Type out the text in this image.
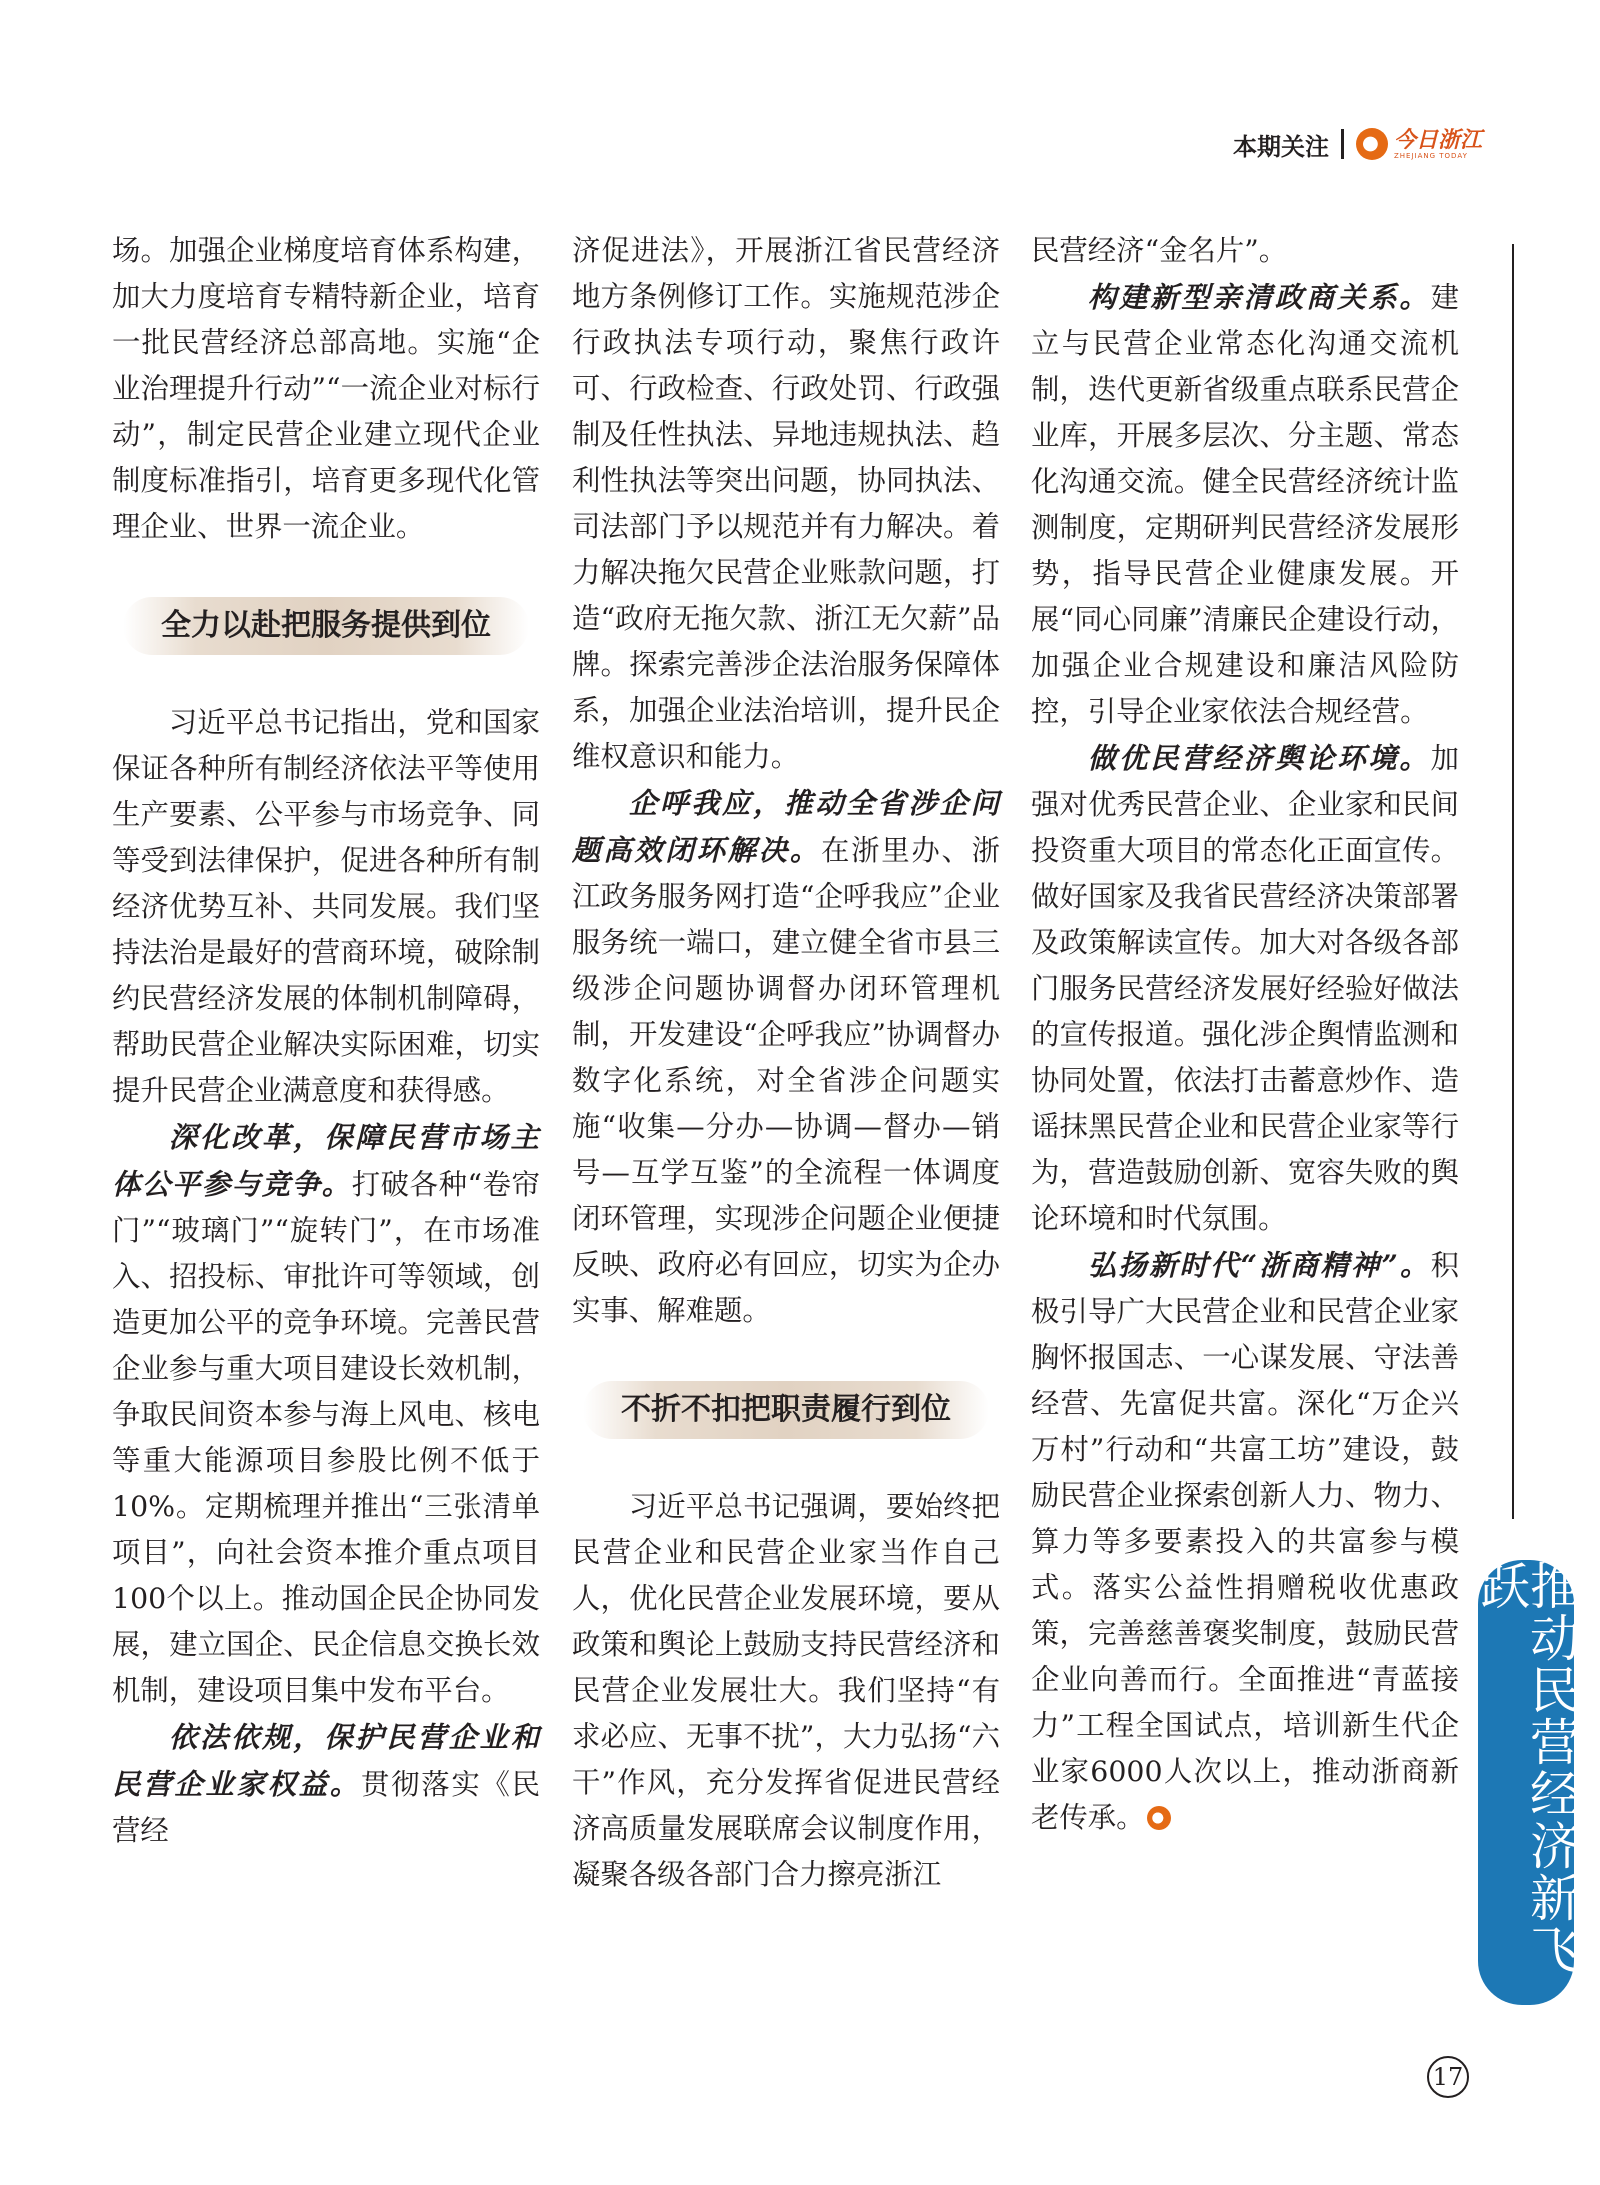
本期关注	今日浙江
ZHEJIANG TODAY

场。加强企业梯度培育体系构建，加大力度培育专精特新企业，培育一批民营经济总部高地。实施“企业治理提升行动”“一流企业对标行动”，制定民营企业建立现代企业制度标准指引，培育更多现代化管理企业、世界一流企业。

全力以赴把服务提供到位

习近平总书记指出，党和国家保证各种所有制经济依法平等使用生产要素、公平参与市场竞争、同等受到法律保护，促进各种所有制经济优势互补、共同发展。我们坚持法治是最好的营商环境，破除制约民营经济发展的体制机制障碍，帮助民营企业解决实际困难，切实提升民营企业满意度和获得感。

深化改革，保障民营市场主体公平参与竞争。打破各种“卷帘门”“玻璃门”“旋转门”，在市场准入、招投标、审批许可等领域，创造更加公平的竞争环境。完善民营企业参与重大项目建设长效机制，争取民间资本参与海上风电、核电等重大能源项目参股比例不低于10%。定期梳理并推出“三张清单项目”，向社会资本推介重点项目100个以上。推动国企民企协同发展，建立国企、民企信息交换长效机制，建设项目集中发布平台。

依法依规，保护民营企业和民营企业家权益。贯彻落实《民营经

济促进法》，开展浙江省民营经济地方条例修订工作。实施规范涉企行政执法专项行动，聚焦行政许可、行政检查、行政处罚、行政强制及任性执法、异地违规执法、趋利性执法等突出问题，协同执法、司法部门予以规范并有力解决。着力解决拖欠民营企业账款问题，打造“政府无拖欠款、浙江无欠薪”品牌。探索完善涉企法治服务保障体系，加强企业法治培训，提升民企维权意识和能力。

企呼我应，推动全省涉企问题高效闭环解决。在浙里办、浙江政务服务网打造“企呼我应”企业服务统一端口，建立健全省市县三级涉企问题协调督办闭环管理机制，开发建设“企呼我应”协调督办数字化系统，对全省涉企问题实施“收集—分办—协调—督办—销号—互学互鉴”的全流程一体调度闭环管理，实现涉企问题企业便捷反映、政府必有回应，切实为企办实事、解难题。

不折不扣把职责履行到位

习近平总书记强调，要始终把民营企业和民营企业家当作自己人，优化民营企业发展环境，要从政策和舆论上鼓励支持民营经济和民营企业发展壮大。我们坚持“有求必应、无事不扰”，大力弘扬“六干”作风，充分发挥省促进民营经济高质量发展联席会议制度作用，凝聚各级各部门合力擦亮浙江

民营经济“金名片”。

构建新型亲清政商关系。建立与民营企业常态化沟通交流机制，迭代更新省级重点联系民营企业库，开展多层次、分主题、常态化沟通交流。健全民营经济统计监测制度，定期研判民营经济发展形势，指导民营企业健康发展。开展“同心同廉”清廉民企建设行动，加强企业合规建设和廉洁风险防控，引导企业家依法合规经营。

做优民营经济舆论环境。加强对优秀民营企业、企业家和民间投资重大项目的常态化正面宣传。做好国家及我省民营经济决策部署及政策解读宣传。加大对各级各部门服务民营经济发展好经验好做法的宣传报道。强化涉企舆情监测和协同处置，依法打击蓄意炒作、造谣抹黑民营企业和民营企业家等行为，营造鼓励创新、宽容失败的舆论环境和时代氛围。

弘扬新时代“浙商精神”。积极引导广大民营企业和民营企业家胸怀报国志、一心谋发展、守法善经营、先富促共富。深化“万企兴万村”行动和“共富工坊”建设，鼓励民营企业探索创新人力、物力、算力等多要素投入的共富参与模式。落实公益性捐赠税收优惠政策，完善慈善褒奖制度，鼓励民营企业向善而行。全面推进“青蓝接力”工程全国试点，培训新生代企业家6000人次以上，推动浙商新老传承。	推动民营经济新飞跃
17
